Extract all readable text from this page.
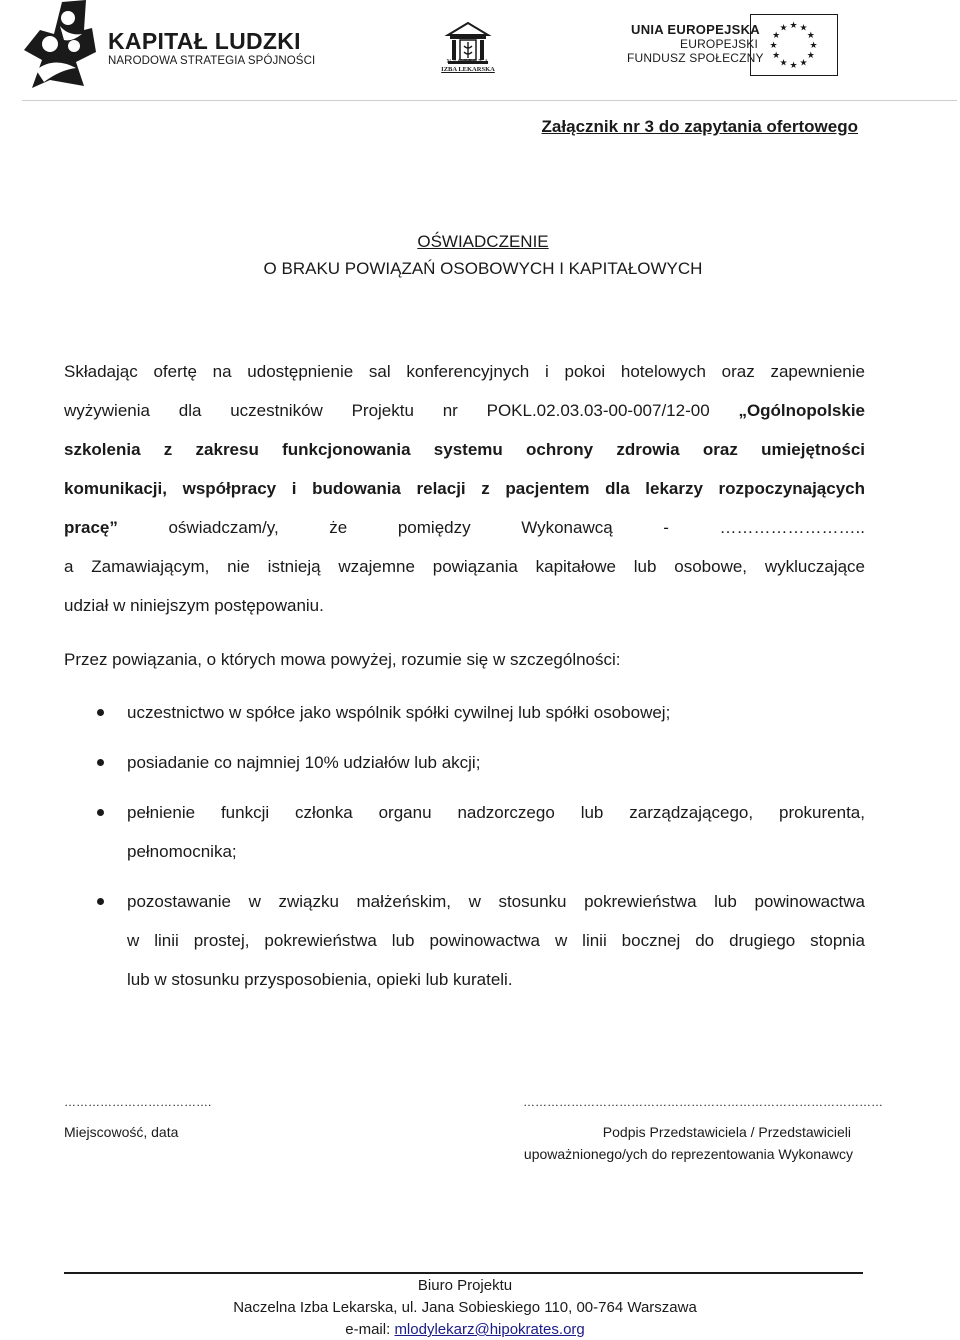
KAPITAŁ LUDZKI
NARODOWA STRATEGIA SPÓJNOŚCI	NACZELNA
IZBA LEKARSKA
UNIA EUROPEJSKA
EUROPEJSKI
FUNDUSZ SPOŁECZNY
★ ★
★
★
★
★
★
★
★
★
★
★
Załącznik nr 3 do zapytania ofertowego
OŚWIADCZENIE
O BRAKU POWIĄZAŃ OSOBOWYCH I KAPITAŁOWYCH
Składając ofertę na udostępnienie sal konferencyjnych i pokoi hotelowych oraz zapewnienie
wyżywienia dla uczestników Projektu nr POKL.02.03.03-00-007/12-00 „Ogólnopolskie
szkolenia z zakresu funkcjonowania systemu ochrony zdrowia oraz umiejętności
komunikacji, współpracy i budowania relacji z pacjentem dla lekarzy rozpoczynających
pracę” oświadczam/y, że pomiędzy Wykonawcą - ……………………..
a Zamawiającym, nie istnieją wzajemne powiązania kapitałowe lub osobowe, wykluczające
udział w niniejszym postępowaniu.
Przez powiązania, o których mowa powyżej, rozumie się w szczególności:
uczestnictwo w spółce jako wspólnik spółki cywilnej lub spółki osobowej;
posiadanie co najmniej 10% udziałów lub akcji;
pełnienie funkcji członka organu nadzorczego lub zarządzającego, prokurenta,
pełnomocnika;
pozostawanie w związku małżeńskim, w stosunku pokrewieństwa lub powinowactwa
w linii prostej, pokrewieństwa lub powinowactwa w linii bocznej do drugiego stopnia
lub w stosunku przysposobienia, opieki lub kurateli.
……………………………….	………………………………………………………………………………
Miejscowość, data	Podpis Przedstawiciela / Przedstawicieli
upoważnionego/ych do reprezentowania Wykonawcy
Biuro Projektu
Naczelna Izba Lekarska, ul. Jana Sobieskiego 110, 00-764 Warszawa
e-mail: mlodylekarz@hipokrates.org
